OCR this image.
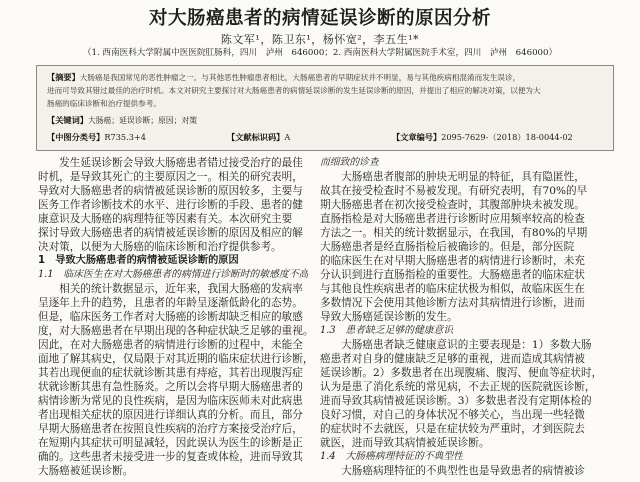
对大肠癌患者的病情延误诊断的原因分析
陈文军¹，陈卫东¹，杨怀宽²，李五生¹*
（1. 西南医科大学附属中医医院肛肠科，四川　泸州　646000；2. 西南医科大学附属医院手术室，四川　泸州　646000）
【摘要】大肠癌是我国常见的恶性肿瘤之一。与其他恶性肿瘤患者相比，大肠癌患者的早期症状并不明显，易与其他疾病相混淆而发生误诊，
进而可导致其错过最佳的治疗时机。本文对研究主要探讨对大肠癌患者的病情延误诊断的发生延误诊断的原因，并提出了相应的解决对策，以便为大
肠癌的临床诊断和治疗提供参考。
【关键词】大肠癌；延误诊断；原因；对策
【中图分类号】R735.3+4	【文献标识码】A	【文章编号】2095-7629-（2018）18-0044-02
　　发生延误诊断会导致大肠癌患者错过接受治疗的最佳
时机，是导致其死亡的主要原因之一。相关的研究表明，
导致对大肠癌患者的病情被延误诊断的原因较多，主要与
医务工作者诊断技术的水平、进行诊断的手段、患者的健
康意识及大肠癌的病理特征等因素有关。本次研究主要
探讨导致大肠癌患者的病情被延误诊断的原因及相应的解
决对策，以便为大肠癌的临床诊断和治疗提供参考。
1　导致大肠癌患者的病情被延误诊断的原因
1.1　临床医生在对大肠癌患者的病情进行诊断时的敏感度不高
　　相关的统计数据显示，近年来，我国大肠癌的发病率
呈逐年上升的趋势，且患者的年龄呈逐渐低龄化的态势。
但是，临床医务工作者对大肠癌的诊断却缺乏相应的敏感
度，对大肠癌患者在早期出现的各种症状缺乏足够的重视。
因此，在对大肠癌患者的病情进行诊断的过程中，未能全
面地了解其病史，仅局限于对其近期的临床症状进行诊断，
其若出现便血的症状就诊断其患有痔疮，其若出现腹泻症
状就诊断其患有急性肠炎。之所以会将早期大肠癌患者的
病情诊断为常见的良性疾病，是因为临床医师未对此病患
者出现相关症状的原因进行详细认真的分析。而且，部分
早期大肠癌患者在按照良性疾病的治疗方案接受治疗后，
在短期内其症状可明显减轻，因此误认为医生的诊断是正
确的。这些患者未接受进一步的复查或体检，进而导致其
大肠癌被延误诊断。
而细致的诊查
　　大肠癌患者腹部的肿块无明显的特征，具有隐匿性，
故其在接受检查时不易被发现。有研究表明，有70%的早
期大肠癌患者在初次接受检查时，其腹部肿块未被发现。
直肠指检是对大肠癌患者进行诊断时应用频率较高的检查
方法之一。相关的统计数据显示，在我国，有80%的早期
大肠癌患者是经直肠指检后被确诊的。但是，部分医院
的临床医生在对早期大肠癌患者的病情进行诊断时，未充
分认识到进行直肠指检的重要性。大肠癌患者的临床症状
与其他良性疾病患者的临床症状极为相似，故临床医生在
多数情况下会使用其他诊断方法对其病情进行诊断，进而
导致大肠癌延误诊断的发生。
1.3　患者缺乏足够的健康意识
　　大肠癌患者缺乏健康意识的主要表现是：1）多数大肠
癌患者对自身的健康缺乏足够的重视，进而造成其病情被
延误诊断。2）多数患者在出现腹痛、腹泻、便血等症状时，
认为是患了消化系统的常见病，不去正规的医院就医诊断，
进而导致其病情被延误诊断。3）多数患者没有定期体检的
良好习惯，对自己的身体状况不够关心，当出现一些轻微
的症状时不去就医，只是在症状较为严重时，才到医院去
就医，进而导致其病情被延误诊断。
1.4　大肠癌病理特征的不典型性
　　大肠癌病理特征的不典型性也是导致患者的病情被诊
